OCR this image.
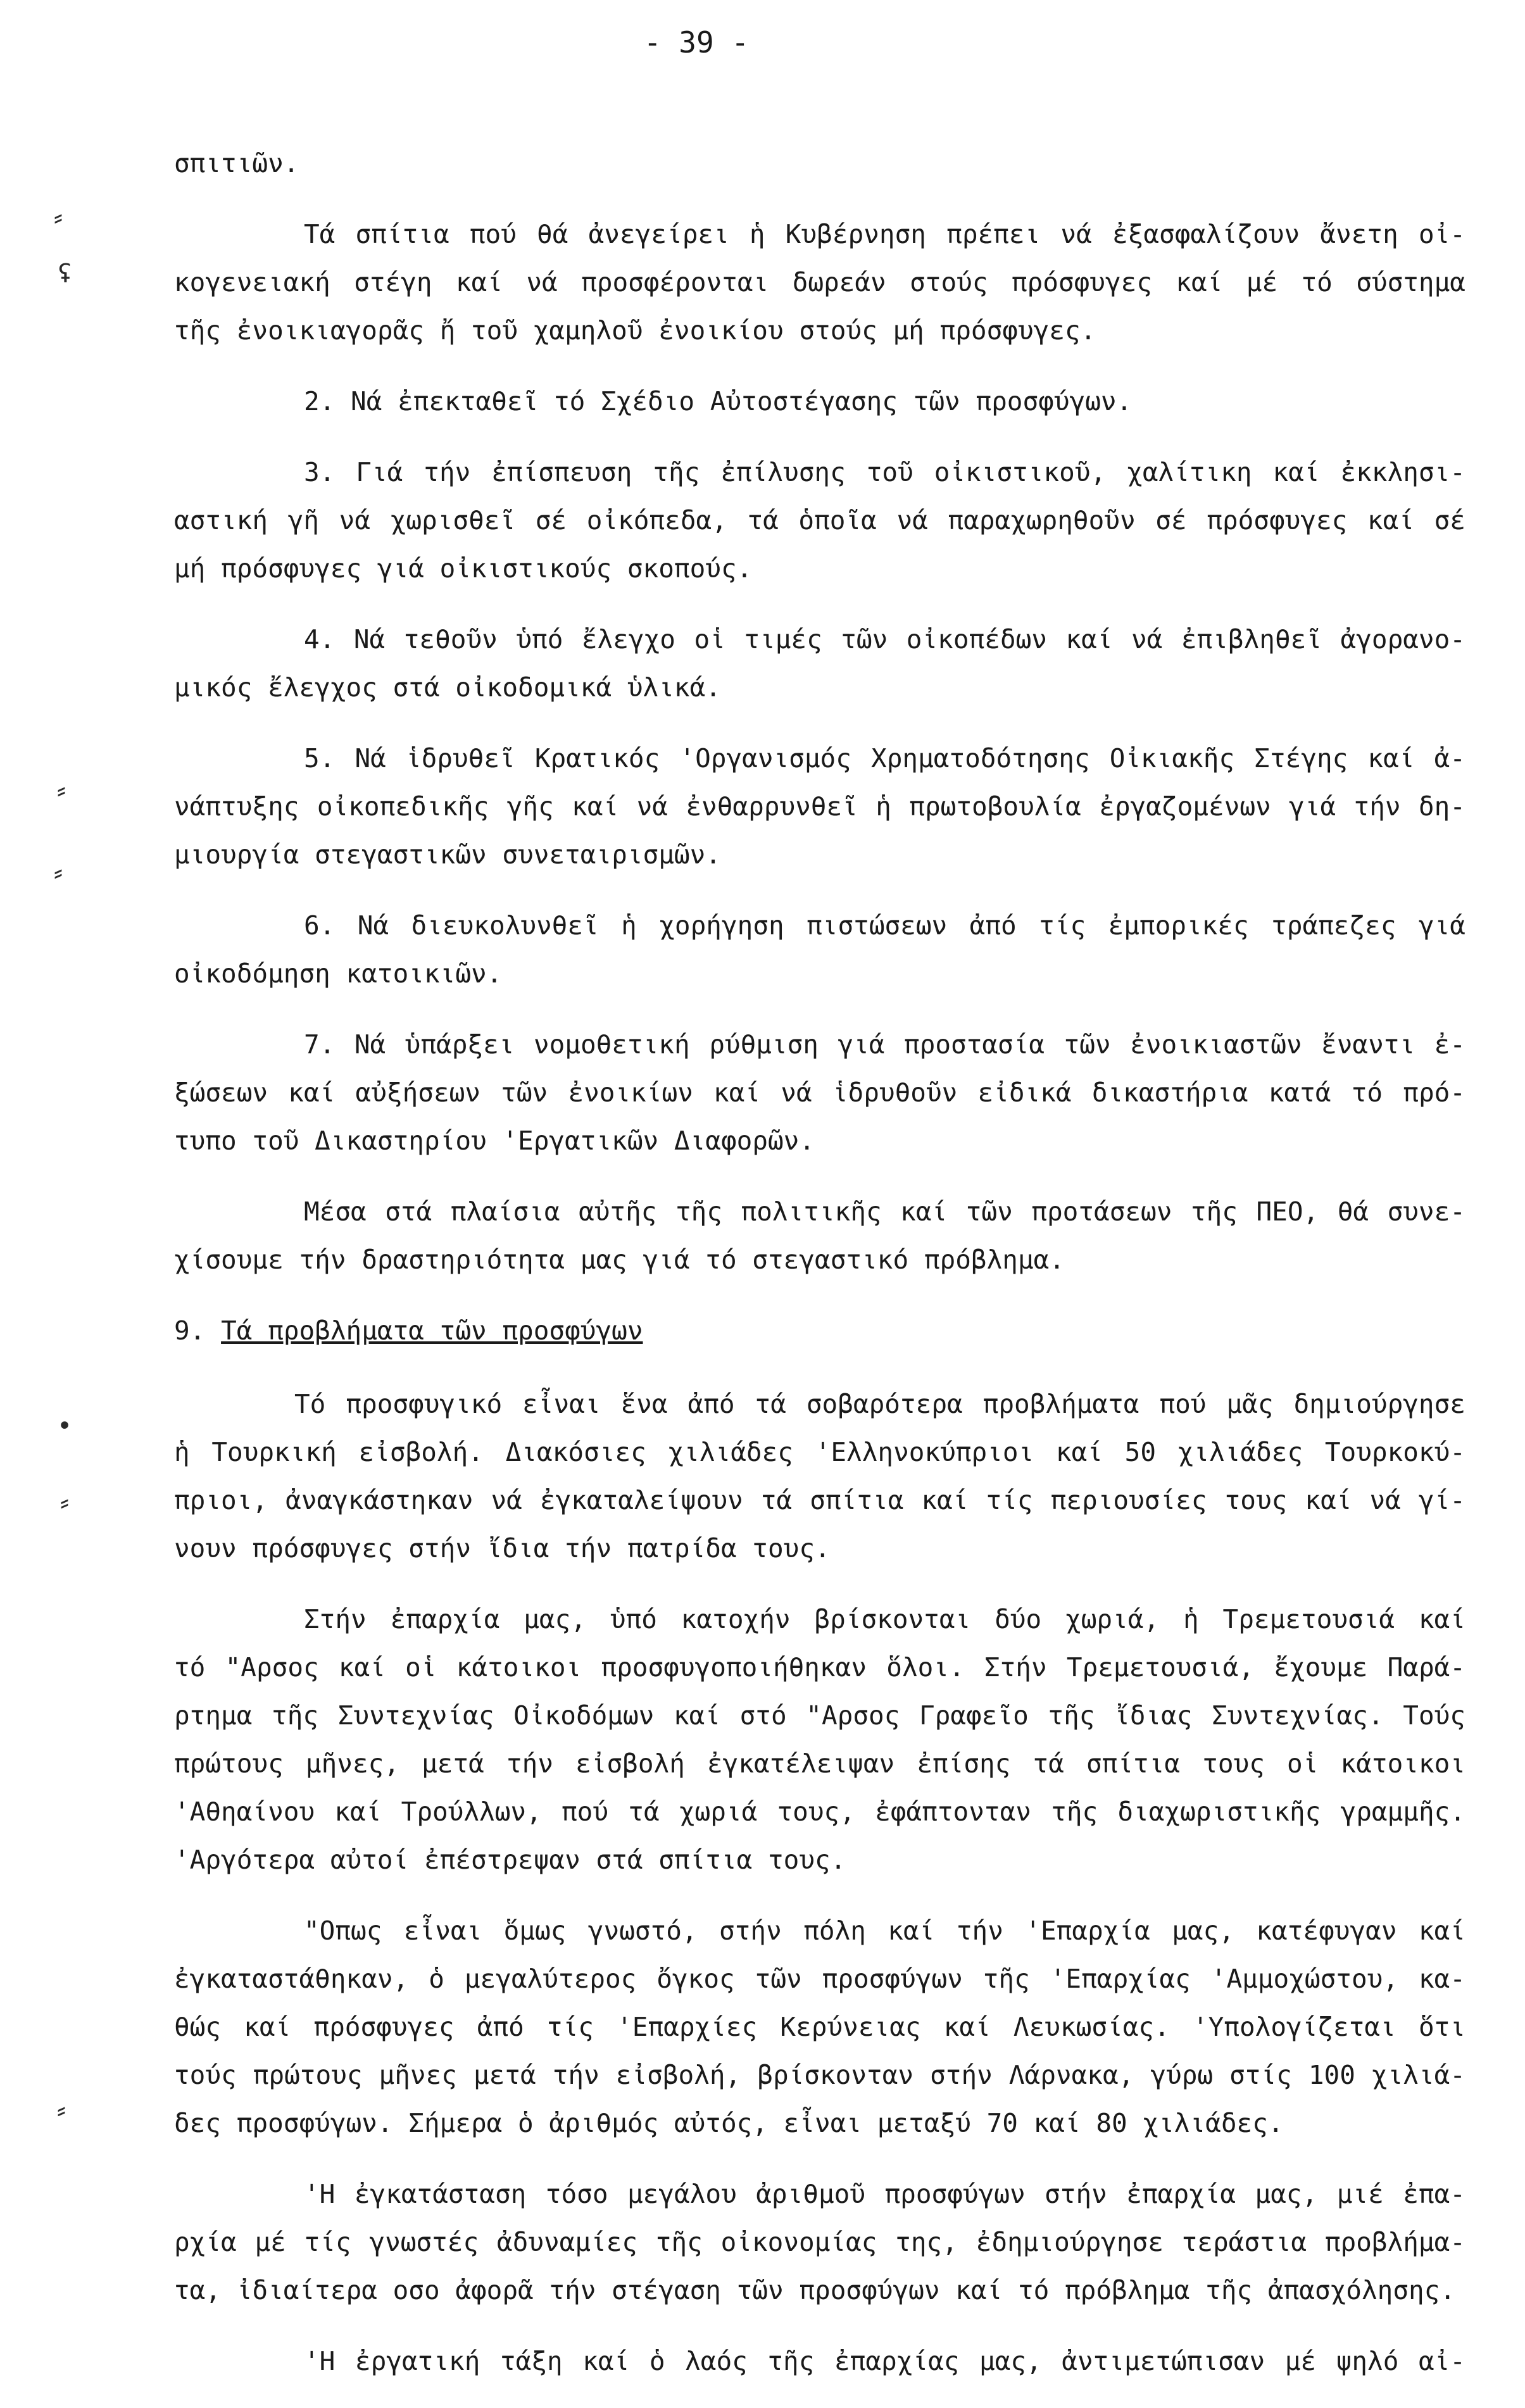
- 39 -
⸗
ʢ
⸗
⸗
•
⸗
⸗
σπιτιῶν.
Τά σπίτια πού θά ἀνεγείρει ἡ Κυβέρνηση πρέπει νά ἐξασφαλίζουν ἄνετη οἰ-
κογενειακή στέγη καί νά προσφέρονται δωρεάν στούς πρόσφυγες καί μέ τό σύστημα
τῆς ἐνοικιαγορᾶς ἤ τοῦ χαμηλοῦ ἐνοικίου στούς μή πρόσφυγες.
2. Νά ἐπεκταθεῖ τό Σχέδιο Αὐτοστέγασης τῶν προσφύγων.
3. Γιά τήν ἐπίσπευση τῆς ἐπίλυσης τοῦ οἰκιστικοῦ, χαλίτικη καί ἐκκλησι-
αστική γῆ νά χωρισθεῖ σέ οἰκόπεδα, τά ὁποῖα νά παραχωρηθοῦν σέ πρόσφυγες καί σέ
μή πρόσφυγες γιά οἰκιστικούς σκοπούς.
4. Νά τεθοῦν ὑπό ἔλεγχο οἱ τιμές τῶν οἰκοπέδων καί νά ἐπιβληθεῖ ἀγορανο-
μικός ἔλεγχος στά οἰκοδομικά ὑλικά.
5. Νά ἱδρυθεῖ Κρατικός 'Οργανισμός Χρηματοδότησης Οἰκιακῆς Στέγης καί ἀ-
νάπτυξης οἰκοπεδικῆς γῆς καί νά ἐνθαρρυνθεῖ ἡ πρωτοβουλία ἐργαζομένων γιά τήν δη-
μιουργία στεγαστικῶν συνεταιρισμῶν.
6. Νά διευκολυνθεῖ ἡ χορήγηση πιστώσεων ἀπό τίς ἐμπορικές τράπεζες γιά
οἰκοδόμηση κατοικιῶν.
7. Νά ὑπάρξει νομοθετική ρύθμιση γιά προστασία τῶν ἐνοικιαστῶν ἔναντι ἐ-
ξώσεων καί αὐξήσεων τῶν ἐνοικίων καί νά ἱδρυθοῦν εἰδικά δικαστήρια κατά τό πρό-
τυπο τοῦ Δικαστηρίου 'Εργατικῶν Διαφορῶν.
Μέσα στά πλαίσια αὐτῆς τῆς πολιτικῆς καί τῶν προτάσεων τῆς ΠΕΟ, θά συνε-
χίσουμε τήν δραστηριότητα μας γιά τό στεγαστικό πρόβλημα.
9. Τά προβλήματα τῶν προσφύγων
Τό προσφυγικό εἶναι ἕνα ἀπό τά σοβαρότερα προβλήματα πού μᾶς δημιούργησε
ἡ Τουρκική εἰσβολή. Διακόσιες χιλιάδες 'Ελληνοκύπριοι καί 50 χιλιάδες Τουρκοκύ-
πριοι, ἀναγκάστηκαν νά ἐγκαταλείψουν τά σπίτια καί τίς περιουσίες τους καί νά γί-
νουν πρόσφυγες στήν ἴδια τήν πατρίδα τους.
Στήν ἐπαρχία μας, ὑπό κατοχήν βρίσκονται δύο χωριά, ἡ Τρεμετουσιά καί
τό "Αρσος καί οἱ κάτοικοι προσφυγοποιήθηκαν ὅλοι. Στήν Τρεμετουσιά, ἔχουμε Παρά-
ρτημα τῆς Συντεχνίας Οἰκοδόμων καί στό "Αρσος Γραφεῖο τῆς ἴδιας Συντεχνίας. Τούς
πρώτους μῆνες, μετά τήν εἰσβολή ἐγκατέλειψαν ἐπίσης τά σπίτια τους οἱ κάτοικοι
'Αθηαίνου καί Τρούλλων, πού τά χωριά τους, ἐφάπτονταν τῆς διαχωριστικῆς γραμμῆς.
'Αργότερα αὐτοί ἐπέστρεψαν στά σπίτια τους.
"Οπως εἶναι ὅμως γνωστό, στήν πόλη καί τήν 'Επαρχία μας, κατέφυγαν καί
ἐγκαταστάθηκαν, ὁ μεγαλύτερος ὄγκος τῶν προσφύγων τῆς 'Επαρχίας 'Αμμοχώστου, κα-
θώς καί πρόσφυγες ἀπό τίς 'Επαρχίες Κερύνειας καί Λευκωσίας. 'Υπολογίζεται ὅτι
τούς πρώτους μῆνες μετά τήν εἰσβολή, βρίσκονταν στήν Λάρνακα, γύρω στίς 100 χιλιά-
δες προσφύγων. Σήμερα ὁ ἀριθμός αὐτός, εἶναι μεταξύ 70 καί 80 χιλιάδες.
'Η ἐγκατάσταση τόσο μεγάλου ἀριθμοῦ προσφύγων στήν ἐπαρχία μας, μιέ ἐπα-
ρχία μέ τίς γνωστές ἀδυναμίες τῆς οἰκονομίας της, ἐδημιούργησε τεράστια προβλήμα-
τα, ἰδιαίτερα οσο ἀφορᾶ τήν στέγαση τῶν προσφύγων καί τό πρόβλημα τῆς ἀπασχόλησης.
'Η ἐργατική τάξη καί ὁ λαός τῆς ἐπαρχίας μας, ἀντιμετώπισαν μέ ψηλό αἰ-
